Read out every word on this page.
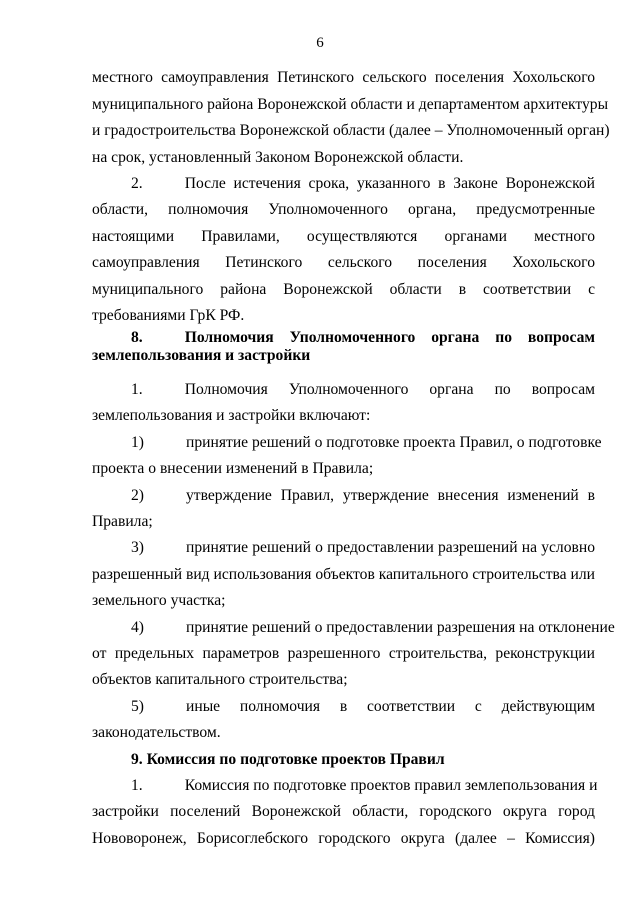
6
местного самоуправления Петинского сельского поселения Хохольского
муниципального района Воронежской области и департаментом архитектуры
и градостроительства Воронежской области (далее – Уполномоченный орган)
на срок, установленный Законом Воронежской области.
2.	После истечения срока, указанного в Законе Воронежской
области, полномочия Уполномоченного органа, предусмотренные
настоящими Правилами, осуществляются органами местного
самоуправления Петинского сельского поселения Хохольского
муниципального района Воронежской области в соответствии с
требованиями ГрК РФ.
8.	Полномочия Уполномоченного органа по вопросам
землепользования и застройки
1.	Полномочия Уполномоченного органа по вопросам
землепользования и застройки включают:
1)	принятие решений о подготовке проекта Правил, о подготовке
проекта о внесении изменений в Правила;
2)	утверждение Правил, утверждение внесения изменений в
Правила;
3)	принятие решений о предоставлении разрешений на условно
разрешенный вид использования объектов капитального строительства или
земельного участка;
4)	принятие решений о предоставлении разрешения на отклонение
от предельных параметров разрешенного строительства, реконструкции
объектов капитального строительства;
5)	иные полномочия в соответствии с действующим
законодательством.
9. Комиссия по подготовке проектов Правил
1.	Комиссия по подготовке проектов правил землепользования и
застройки поселений Воронежской области, городского округа город
Нововоронеж, Борисоглебского городского округа (далее – Комиссия)
